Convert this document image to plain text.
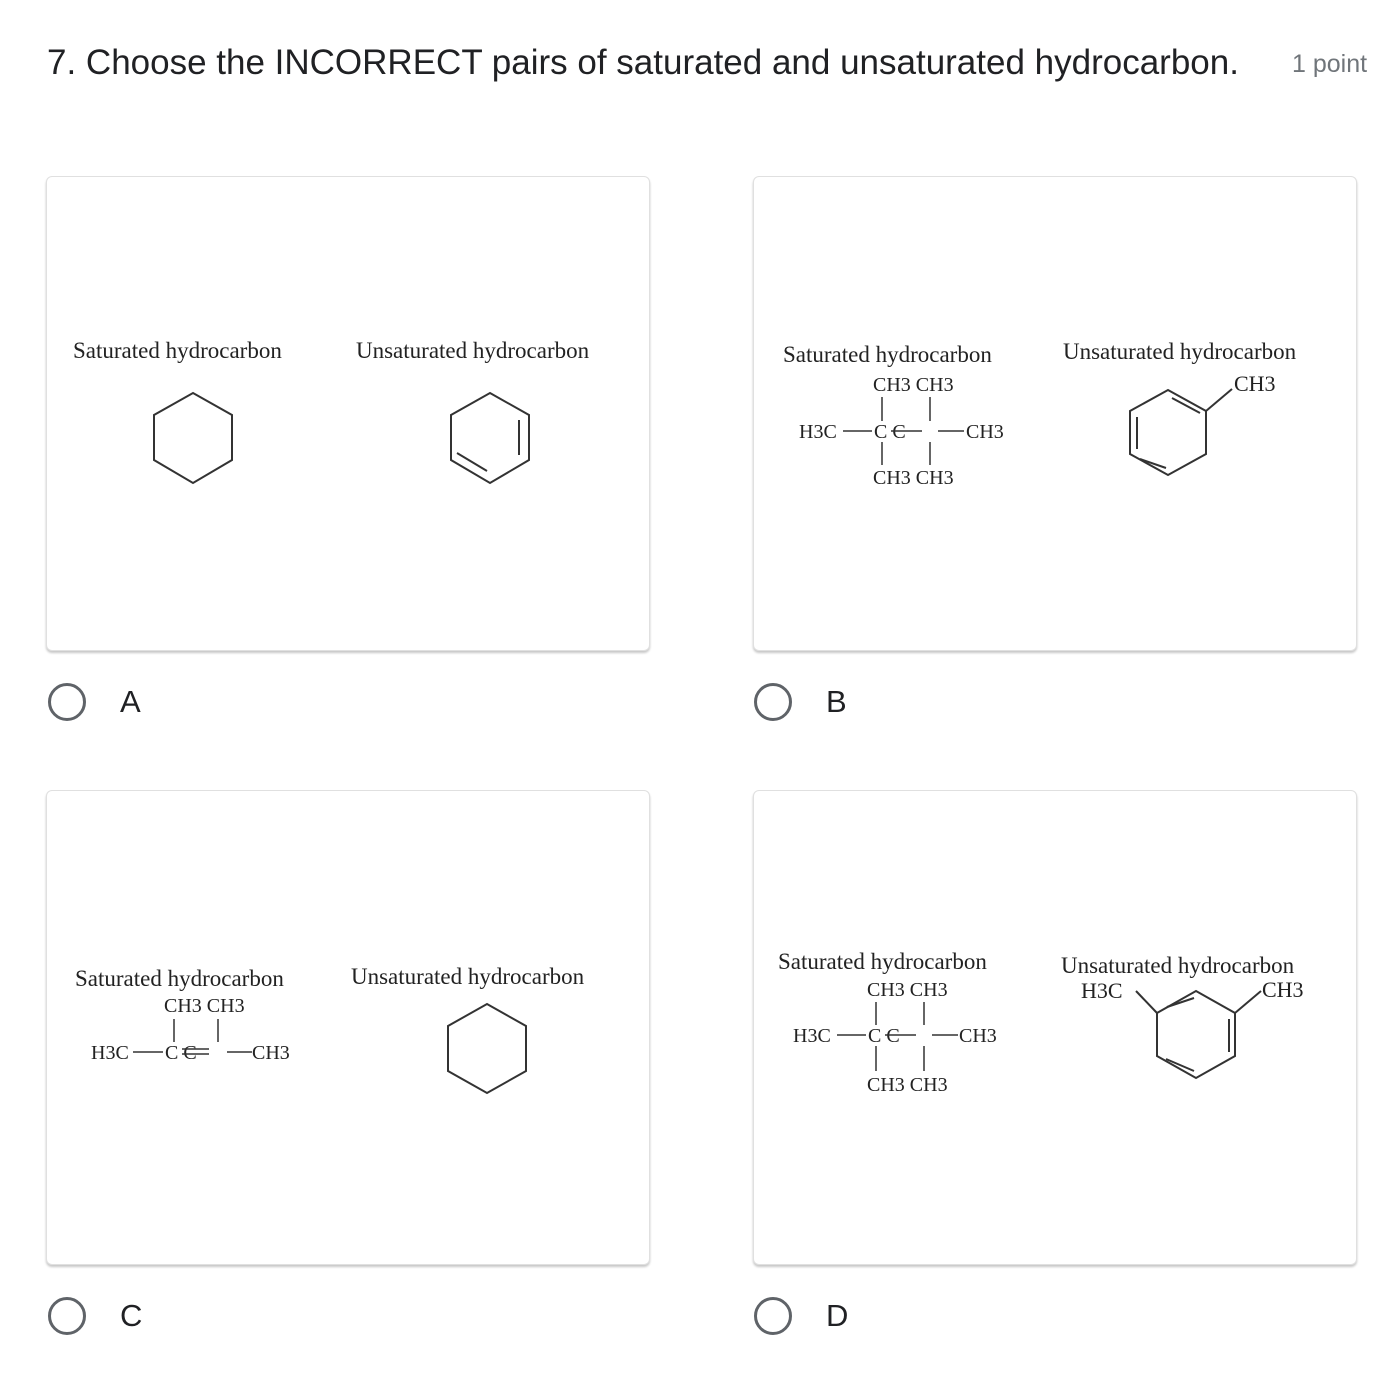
7. Choose the INCORRECT pairs of saturated and unsaturated hydrocarbon. 1 point
Saturated hydrocarbon	Unsaturated hydrocarbon	Saturated hydrocarbon	Unsaturated hydrocarbon
CH3 CH3
H3C C C	CH3
CH3 CH3
CH3
A	B
Saturated hydrocarbon	Unsaturated hydrocarbon
CH3 CH3
H3C C C	CH3
Saturated hydrocarbon	Unsaturated hydrocarbon
CH3 CH3
H3C C C	CH3
CH3 CH3
H3C	CH3
C	D
